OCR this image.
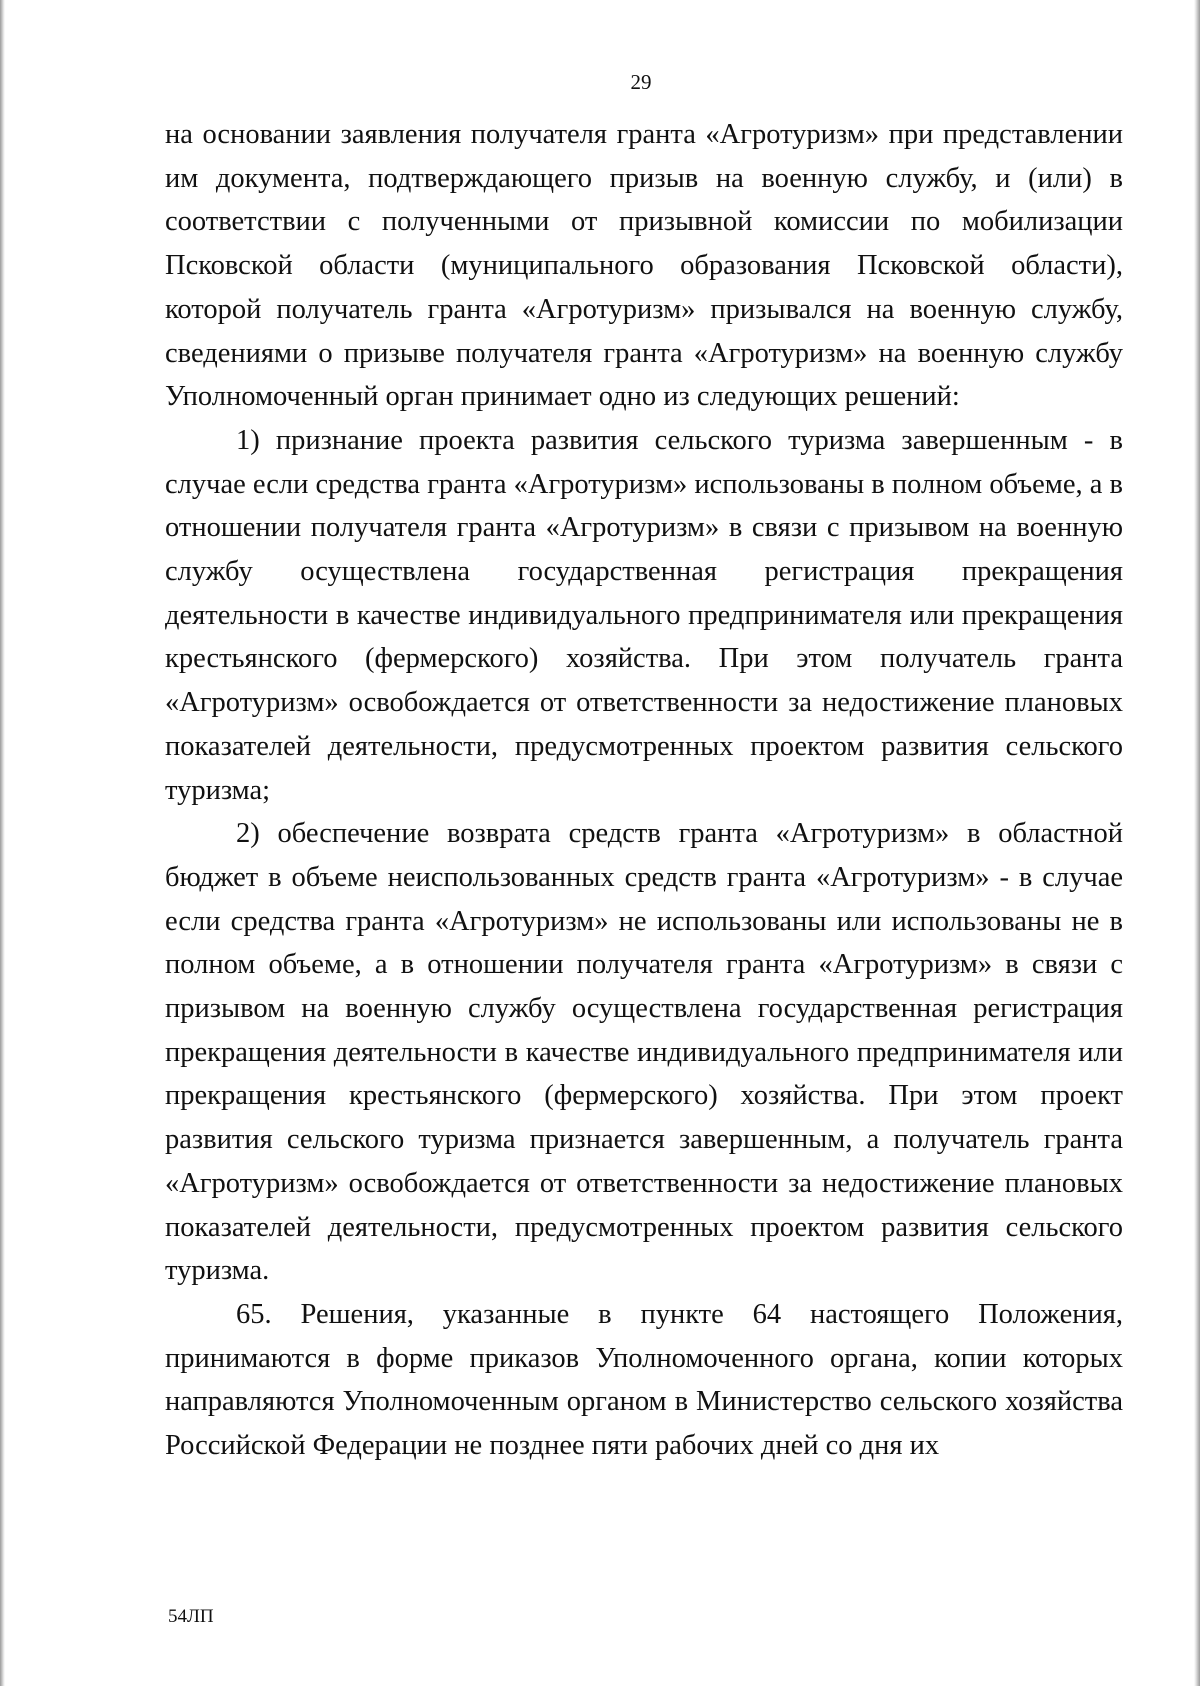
29

на основании заявления получателя гранта «Агротуризм» при представлении им документа, подтверждающего призыв на военную службу, и (или) в соответствии с полученными от призывной комиссии по мобилизации Псковской области (муниципального образования Псковской области), которой получатель гранта «Агротуризм» призывался на военную службу, сведениями о призыве получателя гранта «Агротуризм» на военную службу Уполномоченный орган принимает одно из следующих решений:

1) признание проекта развития сельского туризма завершенным - в случае если средства гранта «Агротуризм» использованы в полном объеме, а в отношении получателя гранта «Агротуризм» в связи с призывом на военную службу осуществлена государственная регистрация прекращения деятельности в качестве индивидуального предпринимателя или прекращения крестьянского (фермерского) хозяйства. При этом получатель гранта «Агротуризм» освобождается от ответственности за недостижение плановых показателей деятельности, предусмотренных проектом развития сельского туризма;

2) обеспечение возврата средств гранта «Агротуризм» в областной бюджет в объеме неиспользованных средств гранта «Агротуризм» - в случае если средства гранта «Агротуризм» не использованы или использованы не в полном объеме, а в отношении получателя гранта «Агротуризм» в связи с призывом на военную службу осуществлена государственная регистрация прекращения деятельности в качестве индивидуального предпринимателя или прекращения крестьянского (фермерского) хозяйства. При этом проект развития сельского туризма признается завершенным, а получатель гранта «Агротуризм» освобождается от ответственности за недостижение плановых показателей деятельности, предусмотренных проектом развития сельского туризма.

65. Решения, указанные в пункте 64 настоящего Положения, принимаются в форме приказов Уполномоченного органа, копии которых направляются Уполномоченным органом в Министерство сельского хозяйства Российской Федерации не позднее пяти рабочих дней со дня их

54ЛП
